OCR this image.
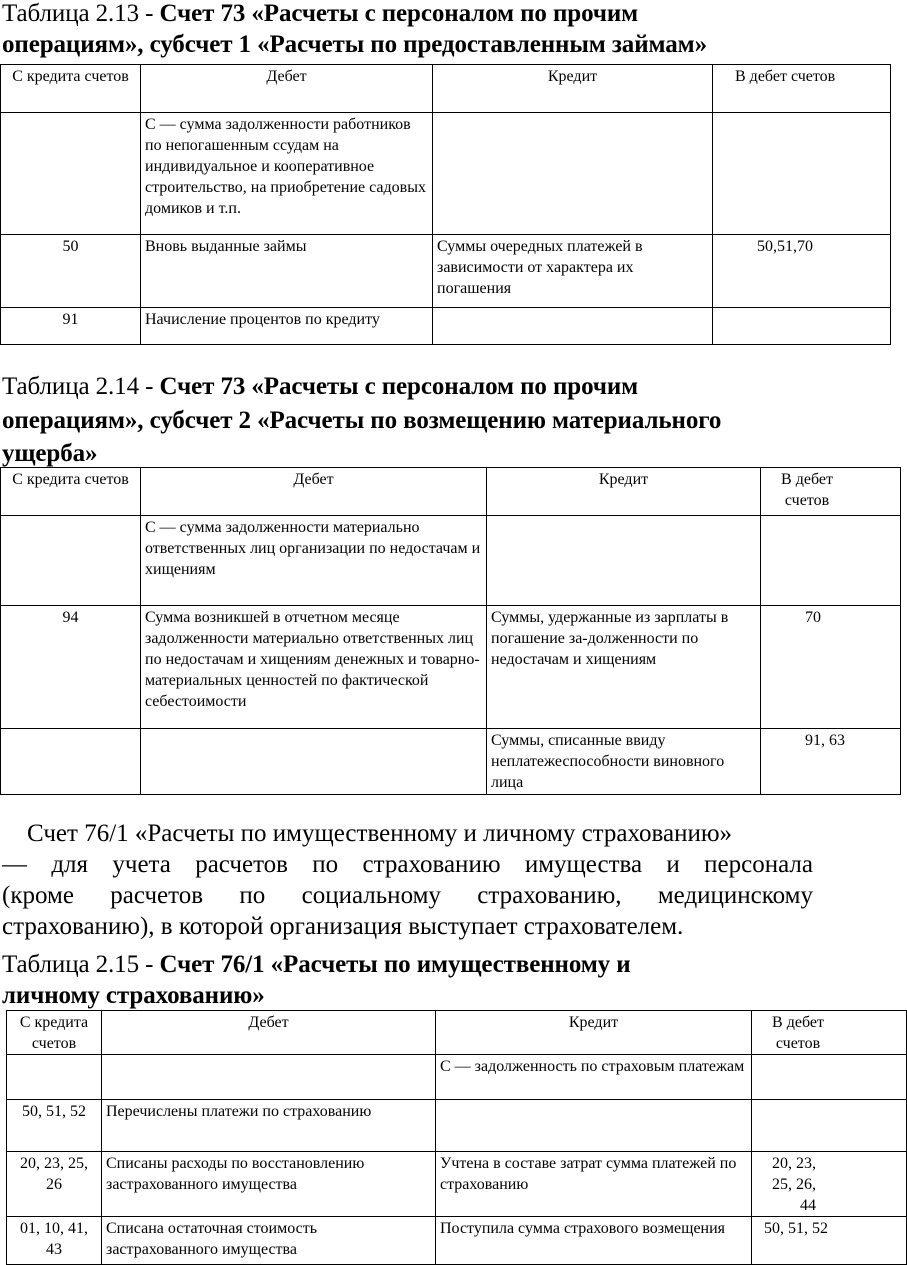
Таблица 2.13 - Счет 73 «Расчеты с персоналом по прочим
операциям», субсчет 1 «Расчеты по предоставленным займам»
С кредита счетов	Дебет	Кредит	В дебет счетов

	С — сумма задолженности работников по непогашенным ссудам на индивидуальное и кооперативное строительство, на приобретение садовых домиков и т.п.		

50	Вновь выданные займы	Суммы очередных платежей в зависимости от характера их погашения	50,51,70

91	Начисление процентов по кредиту		
Таблица 2.14 - Счет 73 «Расчеты с персоналом по прочим
операциям», субсчет 2 «Расчеты по возмещению материального
ущерба»
С кредита счетов	Дебет	Кредит	В дебет счетов

	С — сумма задолженности материально ответственных лиц организации по недостачам и хищениям		
94	Сумма возникшей в отчетном месяце задолженности материально ответственных лиц по недостачам и хищениям денежных и товарно-материальных ценностей по фактической себестоимости	Суммы, удержанные из зарплаты в погашение за-долженности по недостачам и хищениям	70

		Суммы, списанные ввиду неплатежеспособности виновного лица	91, 63
Счет 76/1 «Расчеты по имущественному и личному страхованию»
— для учета расчетов по страхованию имущества и персонала
(кроме расчетов по социальному страхованию, медицинскому
страхованию), в которой организация выступает страхователем.
Таблица 2.15 - Счет 76/1 «Расчеты по имущественному и
личному страхованию»
С кредита счетов	Дебет	Кредит	В дебет счетов

		С — задолженность по страховым платежам	
50, 51, 52	Перечислены платежи по страхованию		
20, 23, 25, 26	Списаны расходы по восстановлению застрахованного имущества	Учтена в составе затрат сумма платежей по страхованию	20, 23, 25, 26, 44

01, 10, 41, 43	Списана остаточная стоимость застрахованного имущества	Поступила сумма страхового возмещения	50, 51, 52
